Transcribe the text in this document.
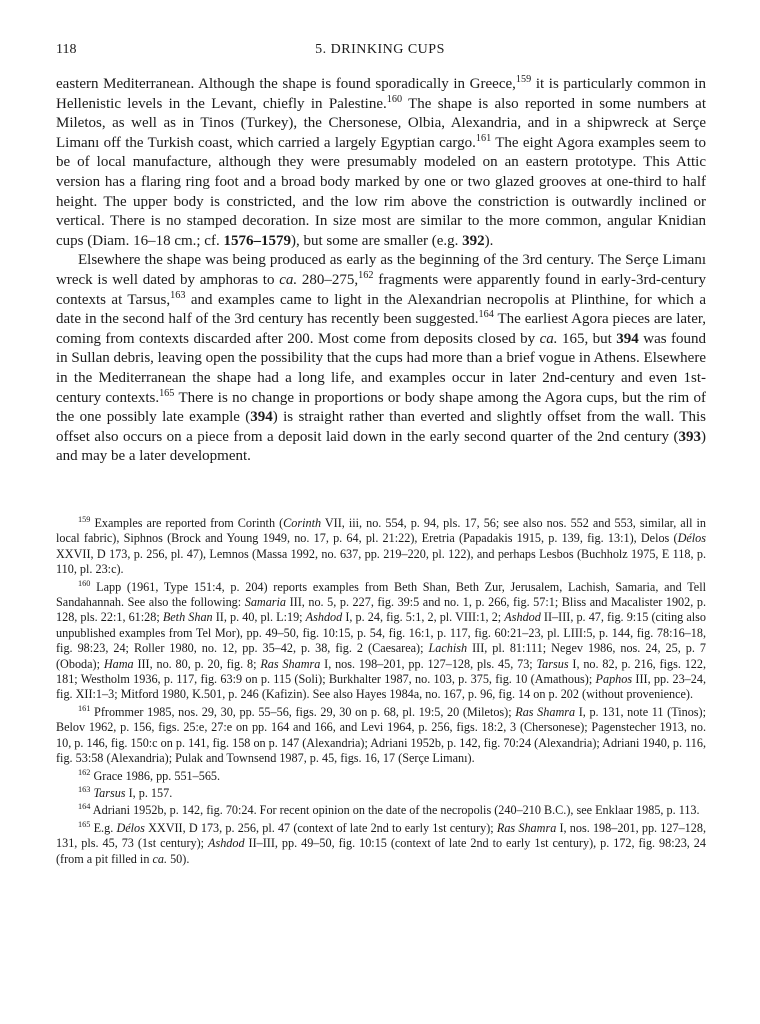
118	5. DRINKING CUPS

eastern Mediterranean. Although the shape is found sporadically in Greece,$^{159}$ it is particularly common in Hellenistic levels in the Levant, chiefly in Palestine.$^{160}$ The shape is also reported in some numbers at Miletos, as well as in Tinos (Turkey), the Chersonese, Olbia, Alexandria, and in a shipwreck at Serçe Limanı off the Turkish coast, which carried a largely Egyptian cargo.$^{161}$ The eight Agora examples seem to be of local manufacture, although they were presumably modeled on an eastern prototype. This Attic version has a flaring ring foot and a broad body marked by one or two glazed grooves at one-third to half height. The upper body is constricted, and the low rim above the constriction is outwardly inclined or vertical. There is no stamped decoration. In size most are similar to the more common, angular Knidian cups (Diam. 16–18 cm.; cf. 1576–1579), but some are smaller (e.g. 392).

Elsewhere the shape was being produced as early as the beginning of the 3rd century. The Serçe Limanı wreck is well dated by amphoras to ca. 280–275,$^{162}$ fragments were apparently found in early-3rd-century contexts at Tarsus,$^{163}$ and examples came to light in the Alexandrian necropolis at Plinthine, for which a date in the second half of the 3rd century has recently been suggested.$^{164}$ The earliest Agora pieces are later, coming from contexts discarded after 200. Most come from deposits closed by ca. 165, but 394 was found in Sullan debris, leaving open the possibility that the cups had more than a brief vogue in Athens. Elsewhere in the Mediterranean the shape had a long life, and examples occur in later 2nd-century and even 1st-century contexts.$^{165}$ There is no change in proportions or body shape among the Agora cups, but the rim of the one possibly late example (394) is straight rather than everted and slightly offset from the wall. This offset also occurs on a piece from a deposit laid down in the early second quarter of the 2nd century (393) and may be a later development.

$^{159}$ Examples are reported from Corinth (Corinth VII, iii, no. 554, p. 94, pls. 17, 56; see also nos. 552 and 553, similar, all in local fabric), Siphnos (Brock and Young 1949, no. 17, p. 64, pl. 21:22), Eretria (Papadakis 1915, p. 139, fig. 13:1), Delos (Délos XXVII, D 173, p. 256, pl. 47), Lemnos (Massa 1992, no. 637, pp. 219–220, pl. 122), and perhaps Lesbos (Buchholz 1975, E 118, p. 110, pl. 23:c).

$^{160}$ Lapp (1961, Type 151:4, p. 204) reports examples from Beth Shan, Beth Zur, Jerusalem, Lachish, Samaria, and Tell Sandahannah. See also the following: Samaria III, no. 5, p. 227, fig. 39:5 and no. 1, p. 266, fig. 57:1; Bliss and Macalister 1902, p. 128, pls. 22:1, 61:28; Beth Shan II, p. 40, pl. L:19; Ashdod I, p. 24, fig. 5:1, 2, pl. VIII:1, 2; Ashdod II–III, p. 47, fig. 9:15 (citing also unpublished examples from Tel Mor), pp. 49–50, fig. 10:15, p. 54, fig. 16:1, p. 117, fig. 60:21–23, pl. LIII:5, p. 144, fig. 78:16–18, fig. 98:23, 24; Roller 1980, no. 12, pp. 35–42, p. 38, fig. 2 (Caesarea); Lachish III, pl. 81:111; Negev 1986, nos. 24, 25, p. 7 (Oboda); Hama III, no. 80, p. 20, fig. 8; Ras Shamra I, nos. 198–201, pp. 127–128, pls. 45, 73; Tarsus I, no. 82, p. 216, figs. 122, 181; Westholm 1936, p. 117, fig. 63:9 on p. 115 (Soli); Burkhalter 1987, no. 103, p. 375, fig. 10 (Amathous); Paphos III, pp. 23–24, fig. XII:1–3; Mitford 1980, K.501, p. 246 (Kafizin). See also Hayes 1984a, no. 167, p. 96, fig. 14 on p. 202 (without provenience).

$^{161}$ Pfrommer 1985, nos. 29, 30, pp. 55–56, figs. 29, 30 on p. 68, pl. 19:5, 20 (Miletos); Ras Shamra I, p. 131, note 11 (Tinos); Belov 1962, p. 156, figs. 25:e, 27:e on pp. 164 and 166, and Levi 1964, p. 256, figs. 18:2, 3 (Chersonese); Pagenstecher 1913, no. 10, p. 146, fig. 150:c on p. 141, fig. 158 on p. 147 (Alexandria); Adriani 1952b, p. 142, fig. 70:24 (Alexandria); Adriani 1940, p. 116, fig. 53:58 (Alexandria); Pulak and Townsend 1987, p. 45, figs. 16, 17 (Serçe Limanı).

$^{162}$ Grace 1986, pp. 551–565.

$^{163}$ Tarsus I, p. 157.

$^{164}$ Adriani 1952b, p. 142, fig. 70:24. For recent opinion on the date of the necropolis (240–210 B.C.), see Enklaar 1985, p. 113.

$^{165}$ E.g. Délos XXVII, D 173, p. 256, pl. 47 (context of late 2nd to early 1st century); Ras Shamra I, nos. 198–201, pp. 127–128, 131, pls. 45, 73 (1st century); Ashdod II–III, pp. 49–50, fig. 10:15 (context of late 2nd to early 1st century), p. 172, fig. 98:23, 24 (from a pit filled in ca. 50).
